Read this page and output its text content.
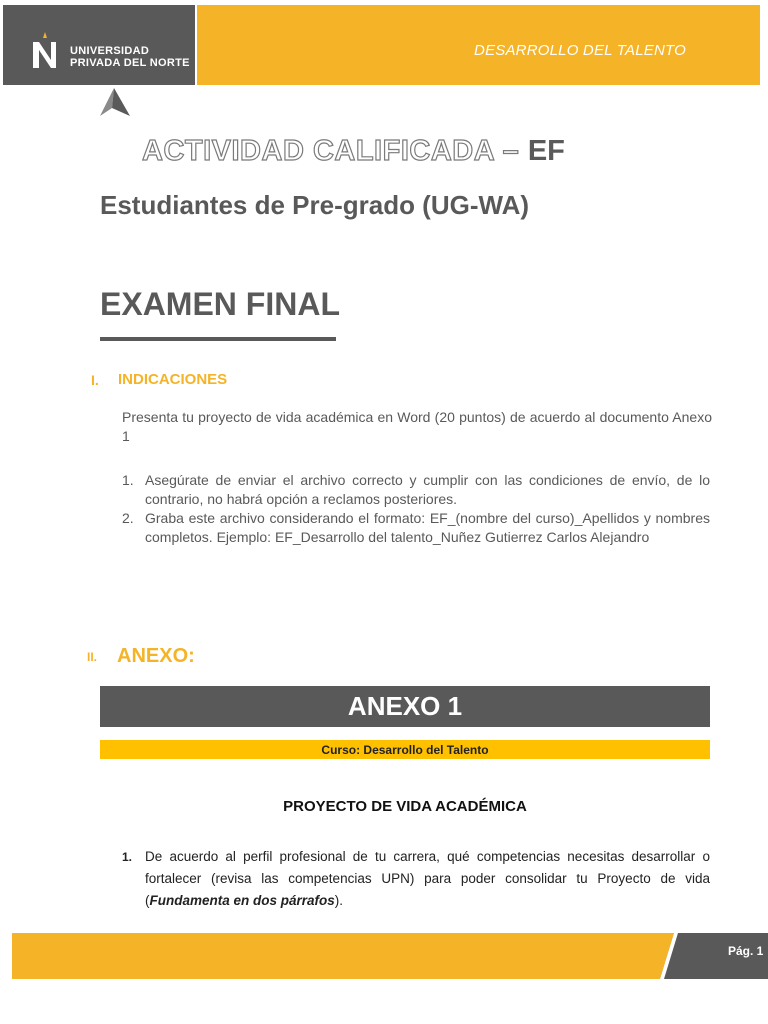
UNIVERSIDAD
PRIVADA DEL NORTE
DESARROLLO DEL TALENTO
ACTIVIDAD CALIFICADA – EF
Estudiantes de Pre-grado (UG-WA)
EXAMEN FINAL
I. INDICACIONES
Presenta tu proyecto de vida académica en Word (20 puntos) de acuerdo al documento Anexo 1
1. Asegúrate de enviar el archivo correcto y cumplir con las condiciones de envío, de lo contrario, no habrá opción a reclamos posteriores.
2. Graba este archivo considerando el formato: EF_(nombre del curso)_Apellidos y nombres completos. Ejemplo: EF_Desarrollo del talento_Nuñez Gutierrez Carlos Alejandro
II. ANEXO:
ANEXO 1
Curso: Desarrollo del Talento
PROYECTO DE VIDA ACADÉMICA
1. De acuerdo al perfil profesional de tu carrera, qué competencias necesitas desarrollar o fortalecer (revisa las competencias UPN) para poder consolidar tu Proyecto de vida (Fundamenta en dos párrafos).
Pág. 1
